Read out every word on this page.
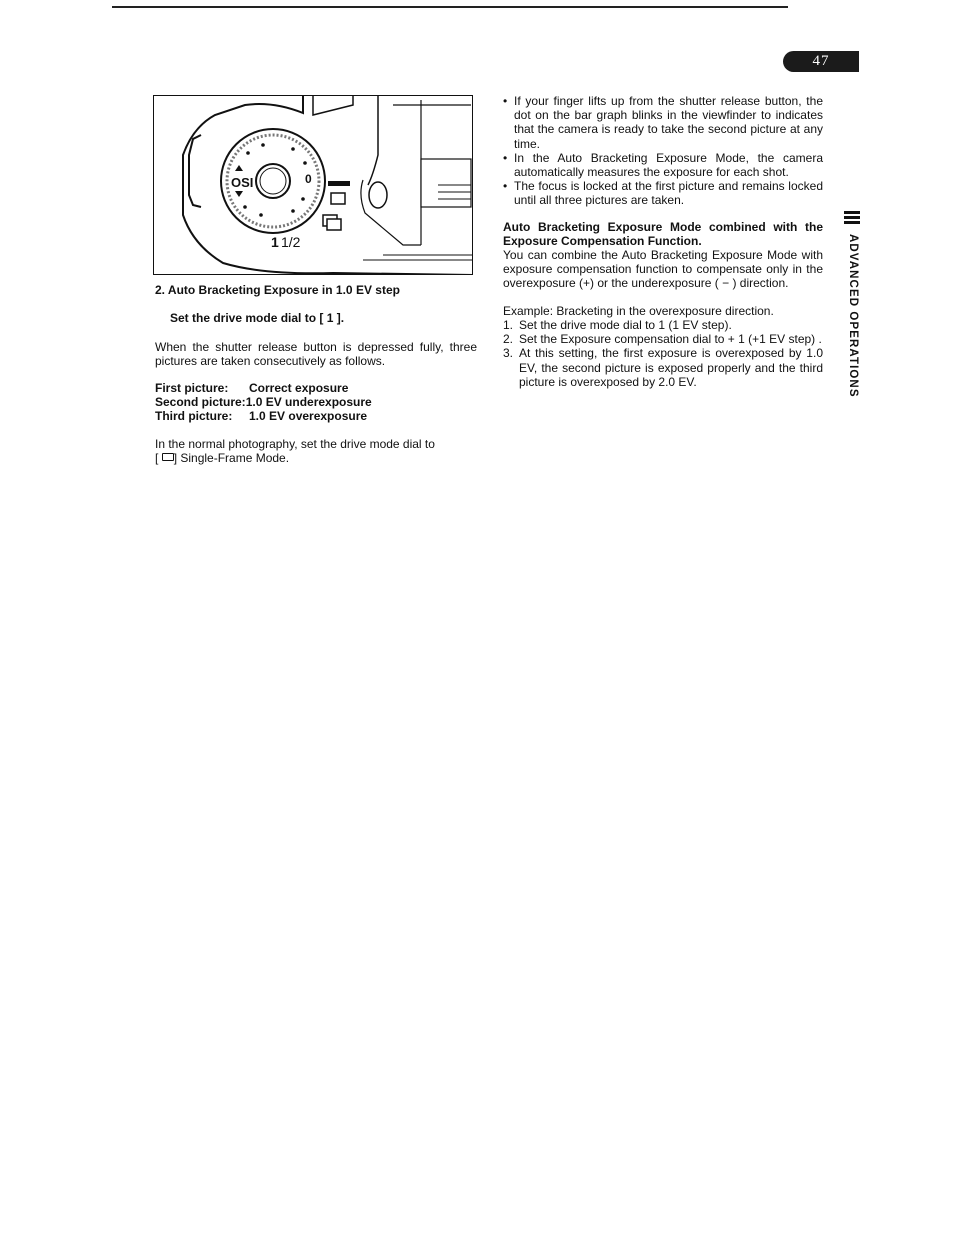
47
OSI	0
1 1/2
2. Auto Bracketing Exposure in 1.0 EV step
Set the drive mode dial to [ 1 ].
When the shutter release button is depressed fully, three pictures are taken consecutively as follows.
First picture: Correct exposure
Second picture:1.0 EV underexposure
Third picture: 1.0 EV overexposure
In the normal photography, set the drive mode dial to
[ ] Single-Frame Mode.
• If your finger lifts up from the shutter release button, the dot on the bar graph blinks in the viewfinder to indicates that the camera is ready to take the second picture at any time.
• In the Auto Bracketing Exposure Mode, the camera automatically measures the exposure for each shot.
• The focus is locked at the first picture and remains locked until all three pictures are taken.
Auto Bracketing Exposure Mode combined with the Exposure Compensation Function.
You can combine the Auto Bracketing Exposure Mode with exposure compensation function to compensate only in the overexposure (+) or the underexposure ( − ) direction.
Example: Bracketing in the overexposure direction.
1. Set the drive mode dial to 1 (1 EV step).
2. Set the Exposure compensation dial to + 1 (+1 EV step) .
3. At this setting, the first exposure is overexposed by 1.0 EV, the second picture is exposed properly and the third picture is overexposed by 2.0 EV.	ADVANCED OPERATIONS
